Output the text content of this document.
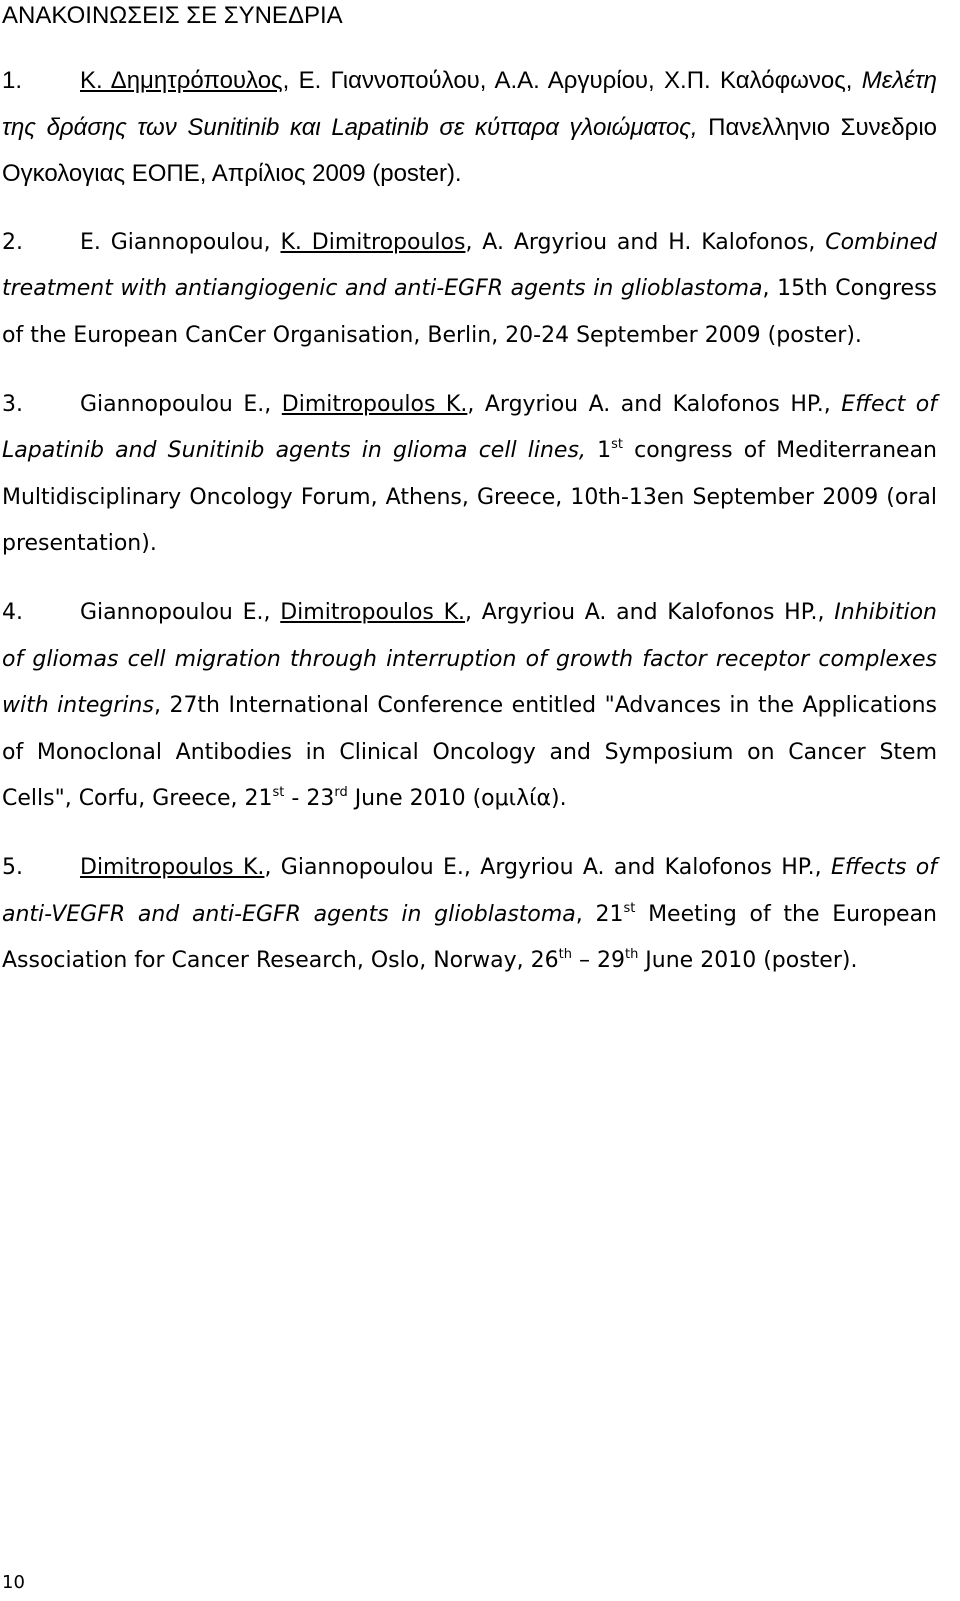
ΑΝΑΚΟΙΝΩΣΕΙΣ ΣΕ ΣΥΝΕΔΡΙΑ
1. Κ. Δημητρόπουλος, Ε. Γιαννοπούλου, Α.Α. Αργυρίου, Χ.Π. Καλόφωνος, Μελέτη της δράσης των Sunitinib και Lapatinib σε κύτταρα γλοιώματος, Πανελληνιο Συνεδριο Ογκολογιας ΕΟΠΕ, Απρίλιος 2009 (poster).
2.	E. Giannopoulou, K. Dimitropoulos, A. Argyriou and H. Kalofonos, Combined treatment with antiangiogenic and anti-EGFR agents in glioblastoma, 15th Congress of the European CanCer Organisation, Berlin, 20-24 September 2009 (poster).
3.	Giannopoulou E., Dimitropoulos K., Argyriou A. and Kalofonos HP., Effect of Lapatinib and Sunitinib agents in glioma cell lines, 1st congress of Mediterranean Multidisciplinary Oncology Forum, Athens, Greece, 10th-13en September 2009 (oral presentation).
4.	Giannopoulou E., Dimitropoulos K., Argyriou A. and Kalofonos HP., Inhibition of gliomas cell migration through interruption of growth factor receptor complexes with integrins, 27th International Conference entitled "Advances in the Applications of Monoclonal Antibodies in Clinical Oncology and Symposium on Cancer Stem Cells", Corfu, Greece, 21st - 23rd June 2010 (ομιλία).
5.	Dimitropoulos K., Giannopoulou E., Argyriou A. and Kalofonos HP., Effects of anti-VEGFR and anti-EGFR agents in glioblastoma, 21st Meeting of the European Association for Cancer Research, Oslo, Norway, 26th – 29th June 2010 (poster).
10
